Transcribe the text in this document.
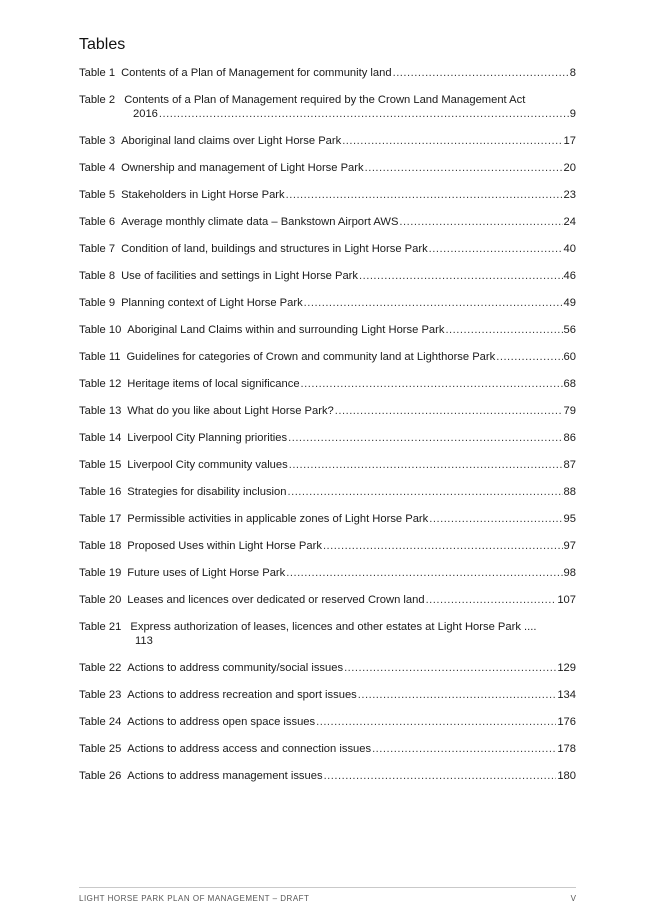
Tables
Table 1 Contents of a Plan of Management for community land .....	8
Table 2 Contents of a Plan of Management required by the Crown Land Management Act
2016 .....	9
Table 3 Aboriginal land claims over Light Horse Park .....	17
Table 4 Ownership and management of Light Horse Park .....	20
Table 5 Stakeholders in Light Horse Park .....	23
Table 6 Average monthly climate data – Bankstown Airport AWS .....	24
Table 7 Condition of land, buildings and structures in Light Horse Park .....	40
Table 8 Use of facilities and settings in Light Horse Park .....	46
Table 9 Planning context of Light Horse Park .....	49
Table 10 Aboriginal Land Claims within and surrounding Light Horse Park .....	56
Table 11 Guidelines for categories of Crown and community land at Lighthorse Park .....	60
Table 12 Heritage items of local significance .....	68
Table 13 What do you like about Light Horse Park? .....	79
Table 14 Liverpool City Planning priorities .....	86
Table 15 Liverpool City community values .....	87
Table 16 Strategies for disability inclusion .....	88
Table 17 Permissible activities in applicable zones of Light Horse Park .....	95
Table 18 Proposed Uses within Light Horse Park .....	97
Table 19 Future uses of Light Horse Park .....	98
Table 20 Leases and licences over dedicated or reserved Crown land .....	107
Table 21 Express authorization of leases, licences and other estates at Light Horse Park ....
113
Table 22 Actions to address community/social issues .....	129
Table 23 Actions to address recreation and sport issues .....	134
Table 24 Actions to address open space issues .....	176
Table 25 Actions to address access and connection issues .....	178
Table 26 Actions to address management issues .....	180
LIGHT HORSE PARK PLAN OF MANAGEMENT – DRAFT	V
